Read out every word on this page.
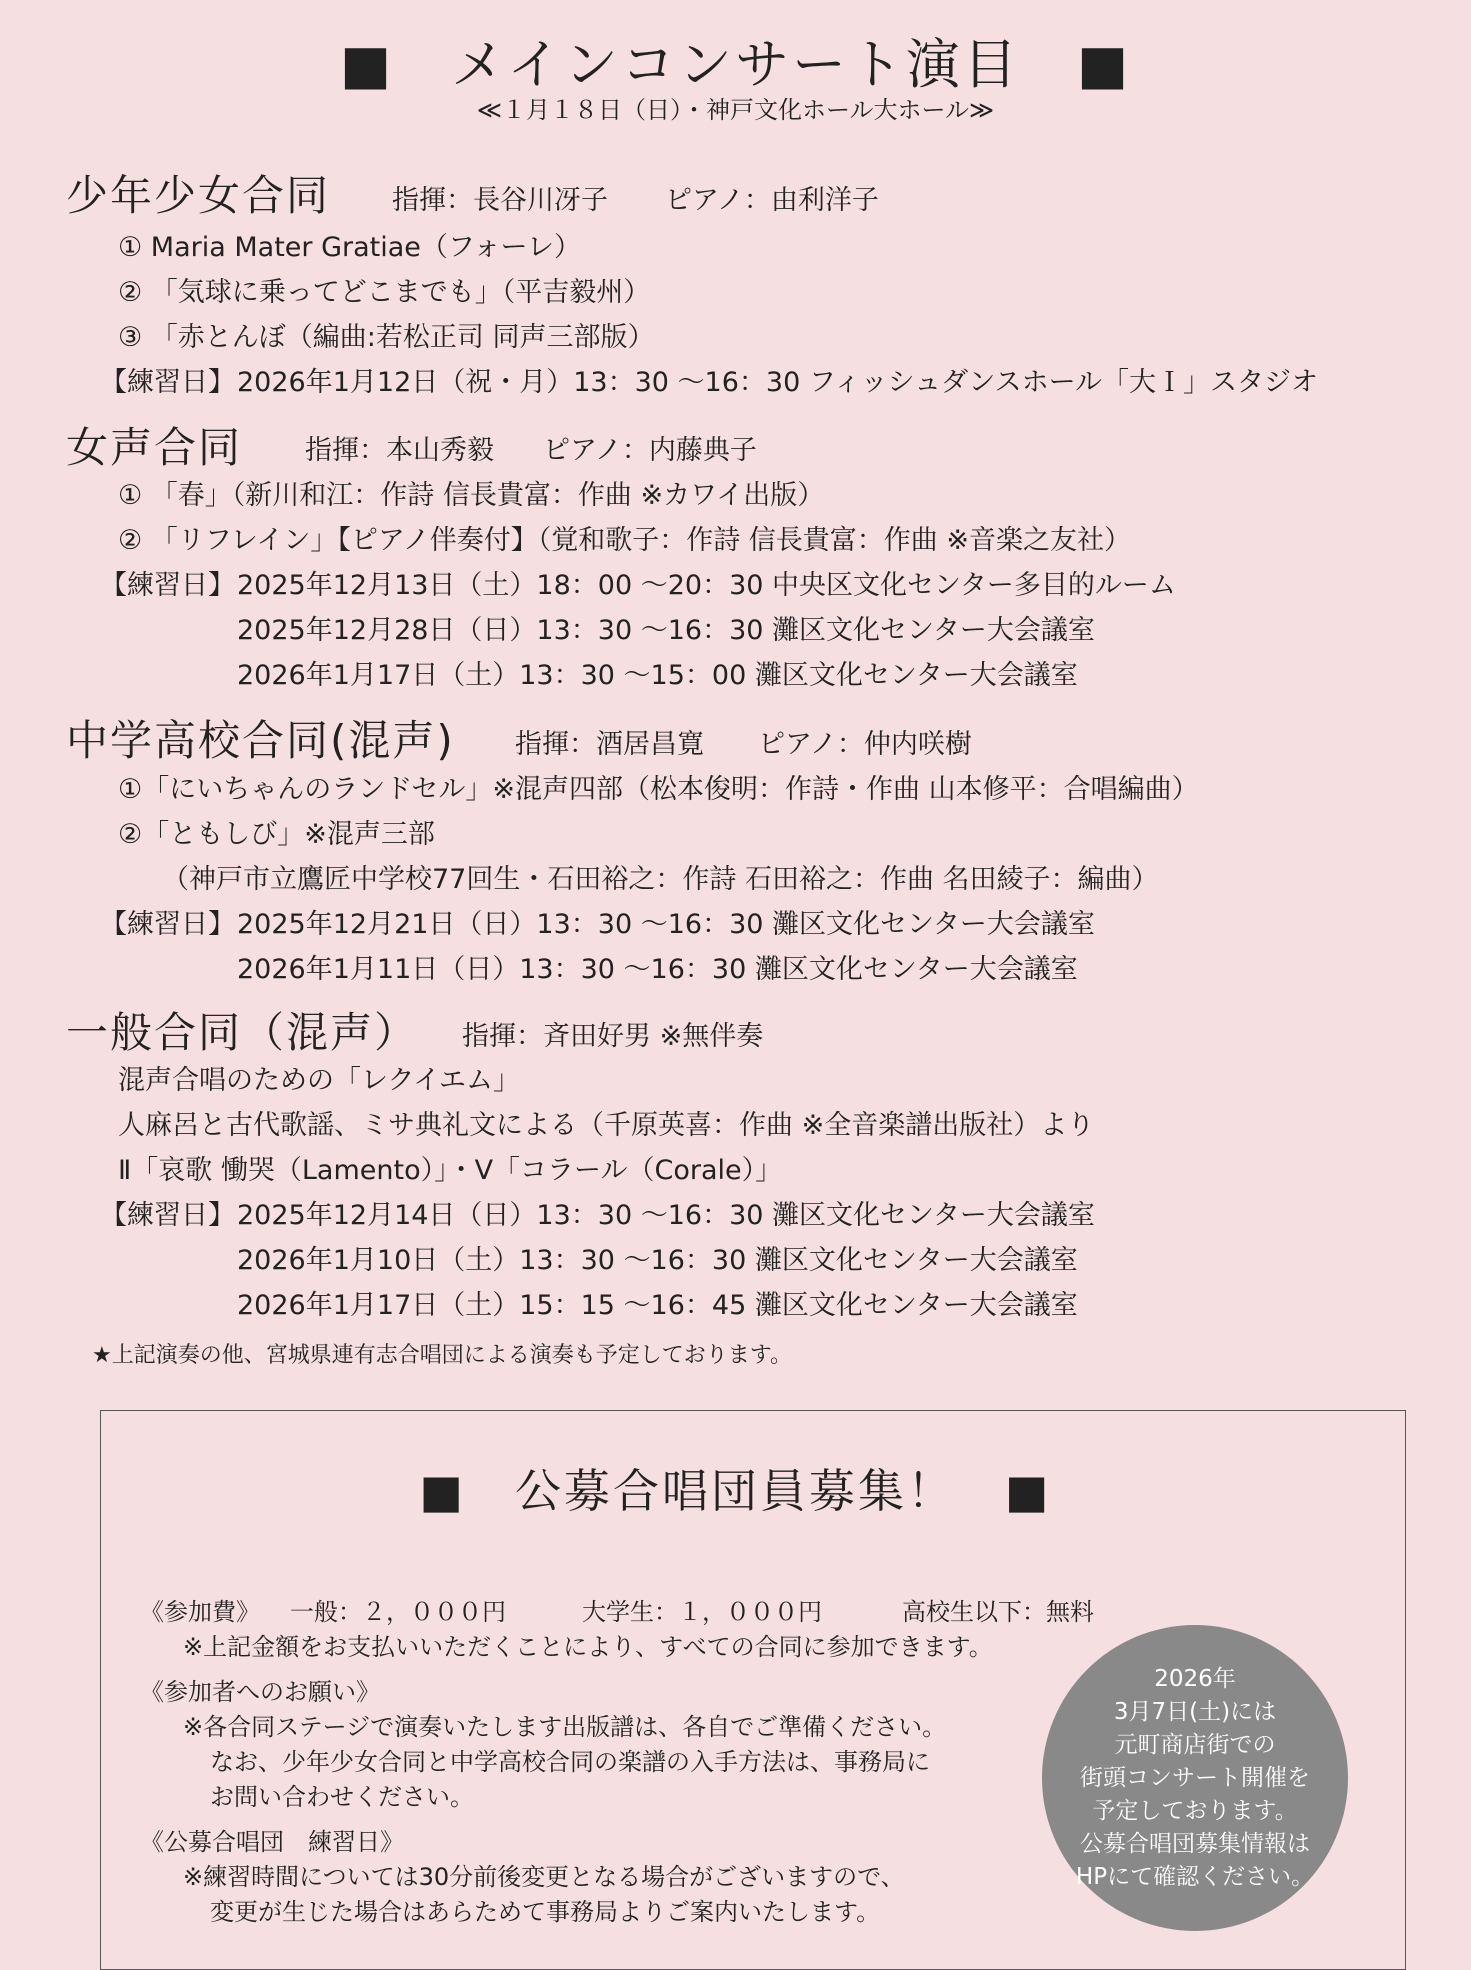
■　メインコンサート演目　■
≪１月１８日（日）・神戸文化ホール大ホール≫
少年少女合同 指揮：長谷川冴子 ピアノ：由利洋子
① Maria Mater Gratiae（フォーレ）
② 「気球に乗ってどこまでも」（平吉毅州）
③ 「赤とんぼ（編曲:若松正司 同声三部版）
【練習日】 2026年1月12日（祝・月）13：30 ～16：30 フィッシュダンスホール「大Ｉ」スタジオ
女声合同 指揮：本山秀毅 ピアノ：内藤典子
① 「春」（新川和江：作詩 信長貴富：作曲 ※カワイ出版）
② 「リフレイン」【ピアノ伴奏付】（覚和歌子：作詩 信長貴富：作曲 ※音楽之友社）
【練習日】 2025年12月13日（土）18：00 ～20：30 中央区文化センター多目的ルーム
2025年12月28日（日）13：30 ～16：30 灘区文化センター大会議室
2026年1月17日（土）13：30 ～15：00 灘区文化センター大会議室
中学高校合同(混声) 指揮：酒居昌寛 ピアノ：仲内咲樹
①「にいちゃんのランドセル」※混声四部（松本俊明：作詩・作曲 山本修平：合唱編曲）
②「ともしび」※混声三部
（神戸市立鷹匠中学校77回生・石田裕之：作詩 石田裕之：作曲 名田綾子：編曲）
【練習日】 2025年12月21日（日）13：30 ～16：30 灘区文化センター大会議室
2026年1月11日（日）13：30 ～16：30 灘区文化センター大会議室
一般合同（混声） 指揮：斉田好男 ※無伴奏
混声合唱のための「レクイエム」
人麻呂と古代歌謡、ミサ典礼文による（千原英喜：作曲 ※全音楽譜出版社）より
Ⅱ「哀歌 慟哭（Lamento）」・Ⅴ「コラール（Corale）」
【練習日】 2025年12月14日（日）13：30 ～16：30 灘区文化センター大会議室
2026年1月10日（土）13：30 ～16：30 灘区文化センター大会議室
2026年1月17日（土）15：15 ～16：45 灘区文化センター大会議室
★上記演奏の他、宮城県連有志合唱団による演奏も予定しております。
■　公募合唱団員募集！　■
《参加費》 一般：２，０００円	大学生：１，０００円	高校生以下：無料
※上記金額をお支払いいただくことにより、すべての合同に参加できます。
《参加者へのお願い》
※各合同ステージで演奏いたします出版譜は、各自でご準備ください。
なお、少年少女合同と中学高校合同の楽譜の入手方法は、事務局に
お問い合わせください。
《公募合唱団　練習日》
※練習時間については30分前後変更となる場合がございますので、
変更が生じた場合はあらためて事務局よりご案内いたします。
2026年
3月7日(土)には
元町商店街での
街頭コンサート開催を
予定しております。
公募合唱団募集情報は
HPにて確認ください。
